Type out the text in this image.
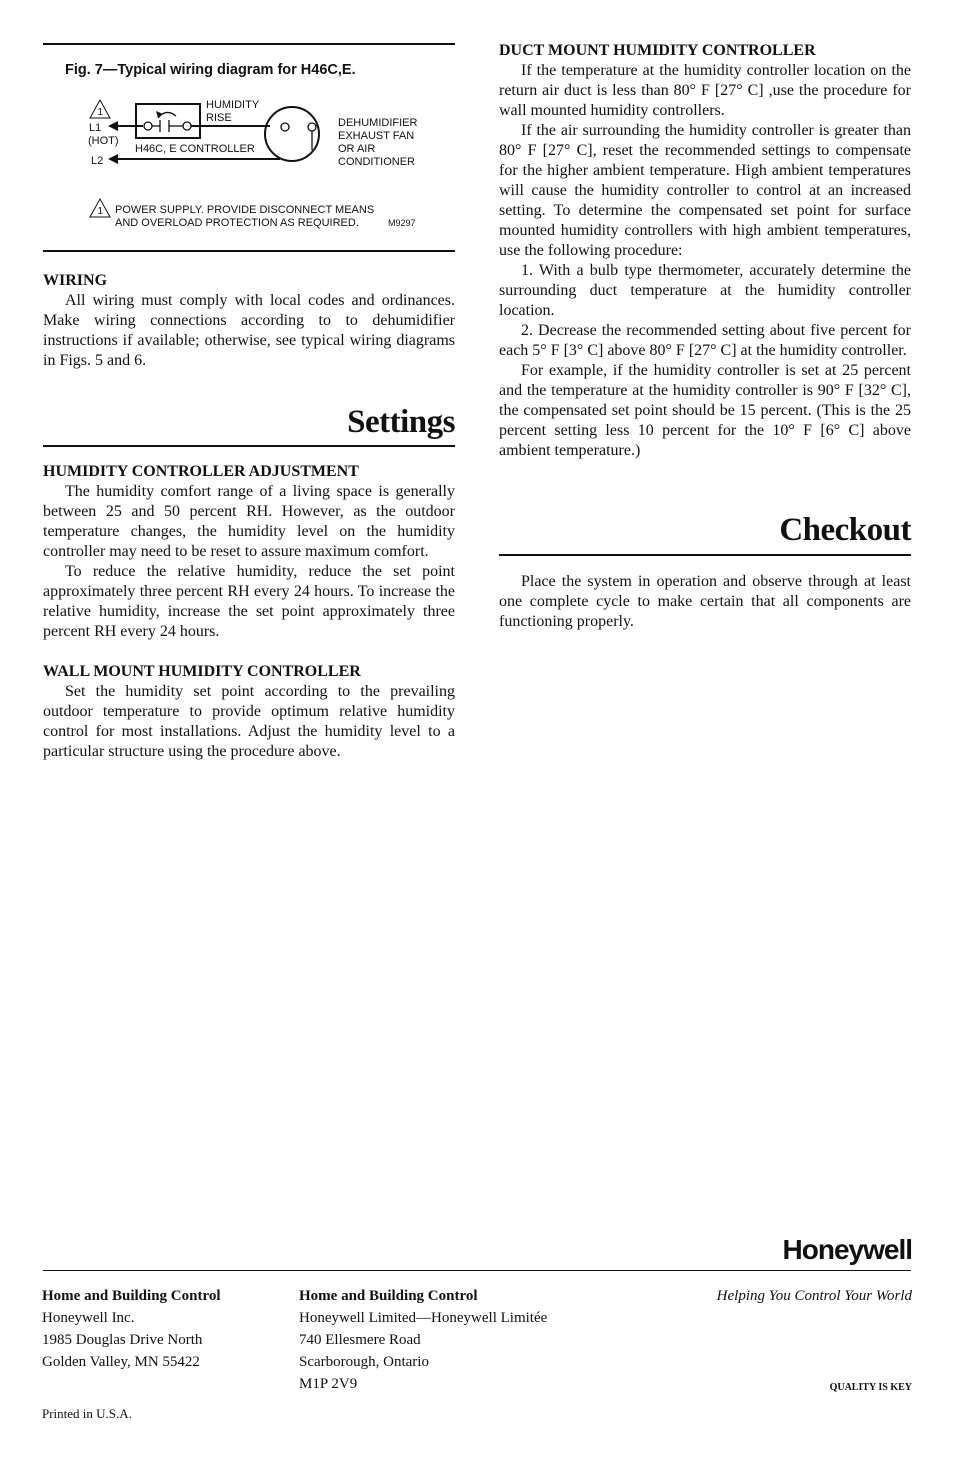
Fig. 7—Typical wiring diagram for H46C,E.
1
L1
(HOT)
L2
HUMIDITY
RISE
H46C, E CONTROLLER
DEHUMIDIFIER
EXHAUST FAN
OR AIR
CONDITIONER
1 POWER SUPPLY. PROVIDE DISCONNECT MEANS
AND OVERLOAD PROTECTION AS REQUIRED.	M9297
WIRING

All wiring must comply with local codes and ordinances. Make wiring connections according to to dehumidifier instructions if available; otherwise, see typical wiring diagrams in Figs. 5 and 6.

Settings
HUMIDITY CONTROLLER ADJUSTMENT

The humidity comfort range of a living space is generally between 25 and 50 percent RH. However, as the outdoor temperature changes, the humidity level on the humidity controller may need to be reset to assure maximum comfort.

To reduce the relative humidity, reduce the set point approximately three percent RH every 24 hours. To increase the relative humidity, increase the set point approximately three percent RH every 24 hours.

WALL MOUNT HUMIDITY CONTROLLER

Set the humidity set point according to the prevailing outdoor temperature to provide optimum relative humidity control for most installations. Adjust the humidity level to a particular structure using the procedure above.

DUCT MOUNT HUMIDITY CONTROLLER

If the temperature at the humidity controller location on the return air duct is less than 80° F [27° C] ,use the procedure for wall mounted humidity controllers.

If the air surrounding the humidity controller is greater than 80° F [27° C], reset the recommended settings to compensate for the higher ambient temperature. High ambient temperatures will cause the humidity controller to control at an increased setting. To determine the compensated set point for surface mounted humidity controllers with high ambient temperatures, use the following procedure:

1. With a bulb type thermometer, accurately determine the surrounding duct temperature at the humidity controller location.

2. Decrease the recommended setting about five percent for each 5° F [3° C] above 80° F [27° C] at the humidity controller.

For example, if the humidity controller is set at 25 percent and the temperature at the humidity controller is 90° F [32° C], the compensated set point should be 15 percent. (This is the 25 percent setting less 10 percent for the 10° F [6° C] above ambient temperature.)

Checkout

Place the system in operation and observe through at least one complete cycle to make certain that all components are functioning properly.

Honeywell
Home and Building Control
Honeywell Inc.
1985 Douglas Drive North
Golden Valley, MN 55422
Home and Building Control
Honeywell Limited—Honeywell Limitée
740 Ellesmere Road
Scarborough, Ontario
M1P 2V9
Helping You Control Your World
QUALITY IS KEY
Printed in U.S.A.
